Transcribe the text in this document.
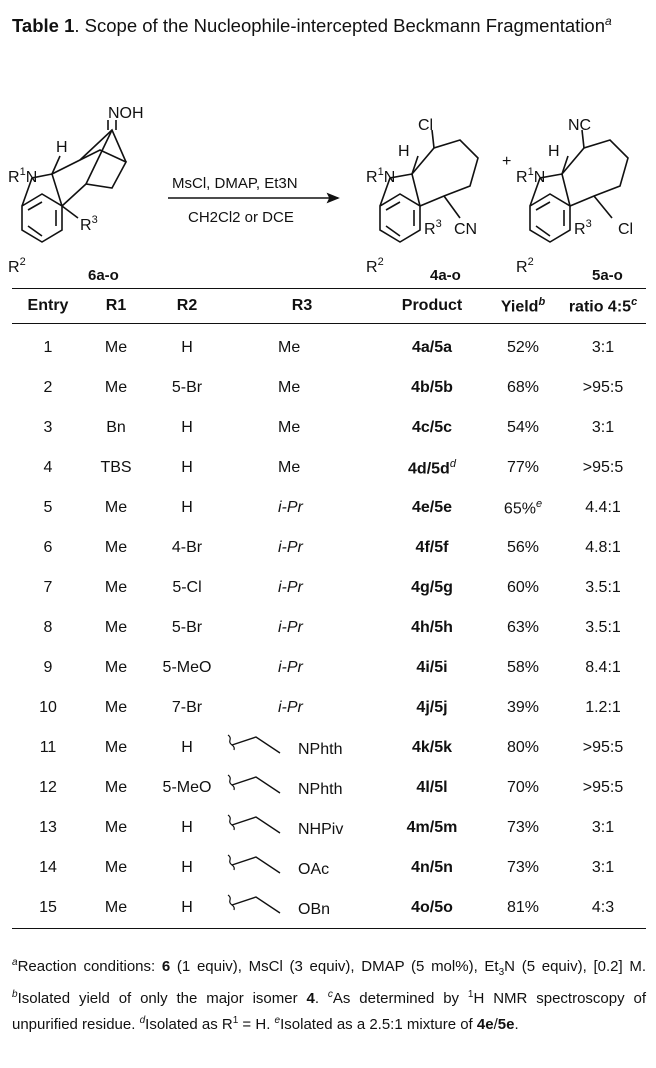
Table 1. Scope of the Nucleophile-intercepted Beckmann Fragmentation$^a$
NOH
H
$R^1N$
$R^3$
$R^2$
6a-o
MsCl, DMAP, Et3N
CH2Cl2 or DCE
Cl
H
$R^1N$
$R^3$ CN
$R^2$
4a-o
+
NC
H
$R^1N$
$R^3$ Cl
$R^2$
5a-o
Entry	R1	R2	R3	Product	Yield$^b$	ratio 4:5$^c$
1	Me	H	Me	4a/5a	52%	3:1
2	Me	5-Br	Me	4b/5b	68%	>95:5
3	Bn	H	Me	4c/5c	54%	3:1
4	TBS	H	Me	$4d/5d^d$	77%	>95:5
5	Me	H	i-Pr	4e/5e	65%$^e$	4.4:1
6	Me	4-Br	i-Pr	4f/5f	56%	4.8:1
7	Me	5-Cl	i-Pr	4g/5g	60%	3.5:1
8	Me	5-Br	i-Pr	4h/5h	63%	3.5:1
9	Me	5-MeO	i-Pr	4i/5i	58%	8.4:1
10	Me	7-Br	i-Pr	4j/5j	39%	1.2:1
11	Me	H	NPhth	4k/5k	80%	>95:5
12	Me	5-MeO	NPhth	4l/5l	70%	>95:5
13	Me	H	NHPiv	4m/5m	73%	3:1
14	Me	H	OAc	4n/5n	73%	3:1
15	Me	H	OBn	4o/5o	81%	4:3
$^a$Reaction conditions: 6 (1 equiv), MsCl (3 equiv), DMAP (5 mol%), $Et_3N$ (5 equiv), [0.2] M. $^b$Isolated yield of only the major isomer 4. $^c$As determined by $^1$H NMR spectroscopy of unpurified residue. $^d$Isolated as $R^1 = H$. $^e$Isolated as a 2.5:1 mixture of 4e/5e.
